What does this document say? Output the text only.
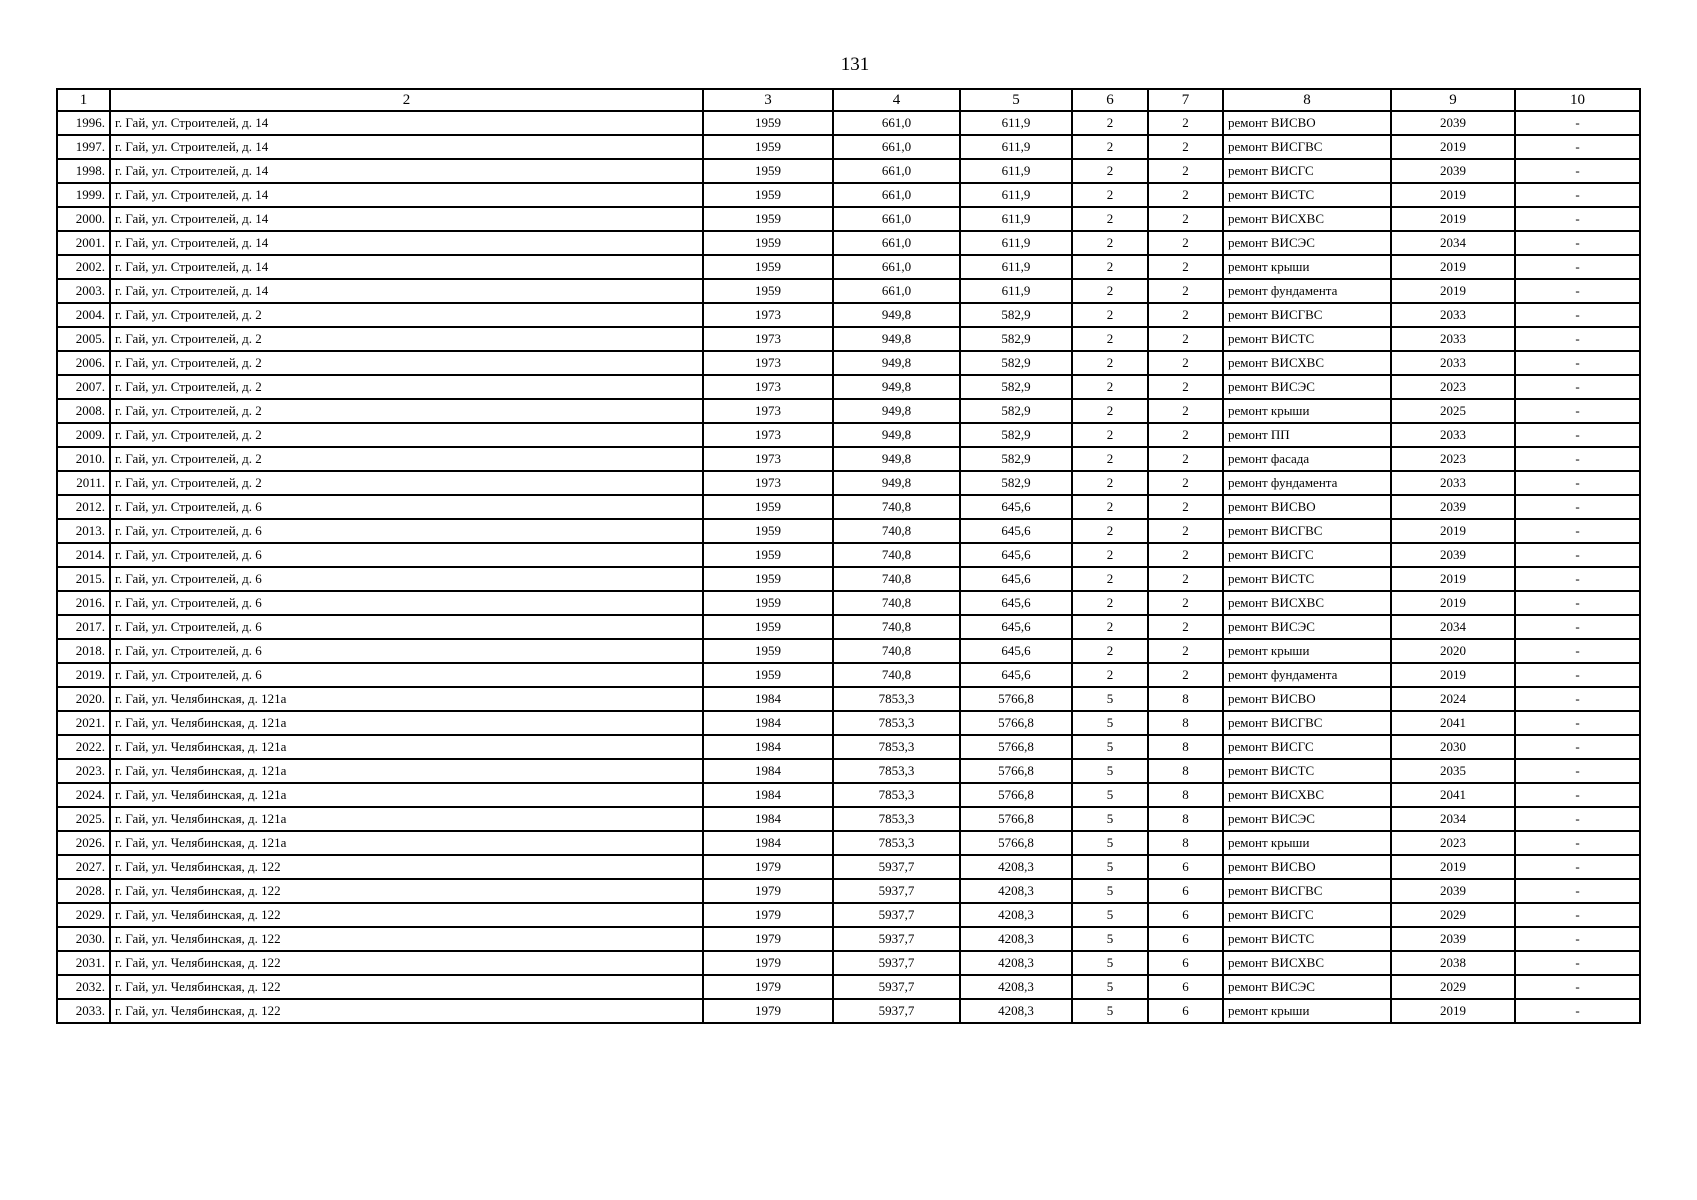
131
1	2	3	4	5	6	7	8	9	10
1996.	г. Гай, ул. Строителей, д. 14	1959	661,0	611,9	2	2	ремонт ВИСВО	2039	-
1997.	г. Гай, ул. Строителей, д. 14	1959	661,0	611,9	2	2	ремонт ВИСГВС	2019	-
1998.	г. Гай, ул. Строителей, д. 14	1959	661,0	611,9	2	2	ремонт ВИСГС	2039	-
1999.	г. Гай, ул. Строителей, д. 14	1959	661,0	611,9	2	2	ремонт ВИСТС	2019	-
2000.	г. Гай, ул. Строителей, д. 14	1959	661,0	611,9	2	2	ремонт ВИСХВС	2019	-
2001.	г. Гай, ул. Строителей, д. 14	1959	661,0	611,9	2	2	ремонт ВИСЭС	2034	-
2002.	г. Гай, ул. Строителей, д. 14	1959	661,0	611,9	2	2	ремонт крыши	2019	-
2003.	г. Гай, ул. Строителей, д. 14	1959	661,0	611,9	2	2	ремонт фундамента	2019	-
2004.	г. Гай, ул. Строителей, д. 2	1973	949,8	582,9	2	2	ремонт ВИСГВС	2033	-
2005.	г. Гай, ул. Строителей, д. 2	1973	949,8	582,9	2	2	ремонт ВИСТС	2033	-
2006.	г. Гай, ул. Строителей, д. 2	1973	949,8	582,9	2	2	ремонт ВИСХВС	2033	-
2007.	г. Гай, ул. Строителей, д. 2	1973	949,8	582,9	2	2	ремонт ВИСЭС	2023	-
2008.	г. Гай, ул. Строителей, д. 2	1973	949,8	582,9	2	2	ремонт крыши	2025	-
2009.	г. Гай, ул. Строителей, д. 2	1973	949,8	582,9	2	2	ремонт ПП	2033	-
2010.	г. Гай, ул. Строителей, д. 2	1973	949,8	582,9	2	2	ремонт фасада	2023	-
2011.	г. Гай, ул. Строителей, д. 2	1973	949,8	582,9	2	2	ремонт фундамента	2033	-
2012.	г. Гай, ул. Строителей, д. 6	1959	740,8	645,6	2	2	ремонт ВИСВО	2039	-
2013.	г. Гай, ул. Строителей, д. 6	1959	740,8	645,6	2	2	ремонт ВИСГВС	2019	-
2014.	г. Гай, ул. Строителей, д. 6	1959	740,8	645,6	2	2	ремонт ВИСГС	2039	-
2015.	г. Гай, ул. Строителей, д. 6	1959	740,8	645,6	2	2	ремонт ВИСТС	2019	-
2016.	г. Гай, ул. Строителей, д. 6	1959	740,8	645,6	2	2	ремонт ВИСХВС	2019	-
2017.	г. Гай, ул. Строителей, д. 6	1959	740,8	645,6	2	2	ремонт ВИСЭС	2034	-
2018.	г. Гай, ул. Строителей, д. 6	1959	740,8	645,6	2	2	ремонт крыши	2020	-
2019.	г. Гай, ул. Строителей, д. 6	1959	740,8	645,6	2	2	ремонт фундамента	2019	-
2020.	г. Гай, ул. Челябинская, д. 121а	1984	7853,3	5766,8	5	8	ремонт ВИСВО	2024	-
2021.	г. Гай, ул. Челябинская, д. 121а	1984	7853,3	5766,8	5	8	ремонт ВИСГВС	2041	-
2022.	г. Гай, ул. Челябинская, д. 121а	1984	7853,3	5766,8	5	8	ремонт ВИСГС	2030	-
2023.	г. Гай, ул. Челябинская, д. 121а	1984	7853,3	5766,8	5	8	ремонт ВИСТС	2035	-
2024.	г. Гай, ул. Челябинская, д. 121а	1984	7853,3	5766,8	5	8	ремонт ВИСХВС	2041	-
2025.	г. Гай, ул. Челябинская, д. 121а	1984	7853,3	5766,8	5	8	ремонт ВИСЭС	2034	-
2026.	г. Гай, ул. Челябинская, д. 121а	1984	7853,3	5766,8	5	8	ремонт крыши	2023	-
2027.	г. Гай, ул. Челябинская, д. 122	1979	5937,7	4208,3	5	6	ремонт ВИСВО	2019	-
2028.	г. Гай, ул. Челябинская, д. 122	1979	5937,7	4208,3	5	6	ремонт ВИСГВС	2039	-
2029.	г. Гай, ул. Челябинская, д. 122	1979	5937,7	4208,3	5	6	ремонт ВИСГС	2029	-
2030.	г. Гай, ул. Челябинская, д. 122	1979	5937,7	4208,3	5	6	ремонт ВИСТС	2039	-
2031.	г. Гай, ул. Челябинская, д. 122	1979	5937,7	4208,3	5	6	ремонт ВИСХВС	2038	-
2032.	г. Гай, ул. Челябинская, д. 122	1979	5937,7	4208,3	5	6	ремонт ВИСЭС	2029	-
2033.	г. Гай, ул. Челябинская, д. 122	1979	5937,7	4208,3	5	6	ремонт крыши	2019	-
